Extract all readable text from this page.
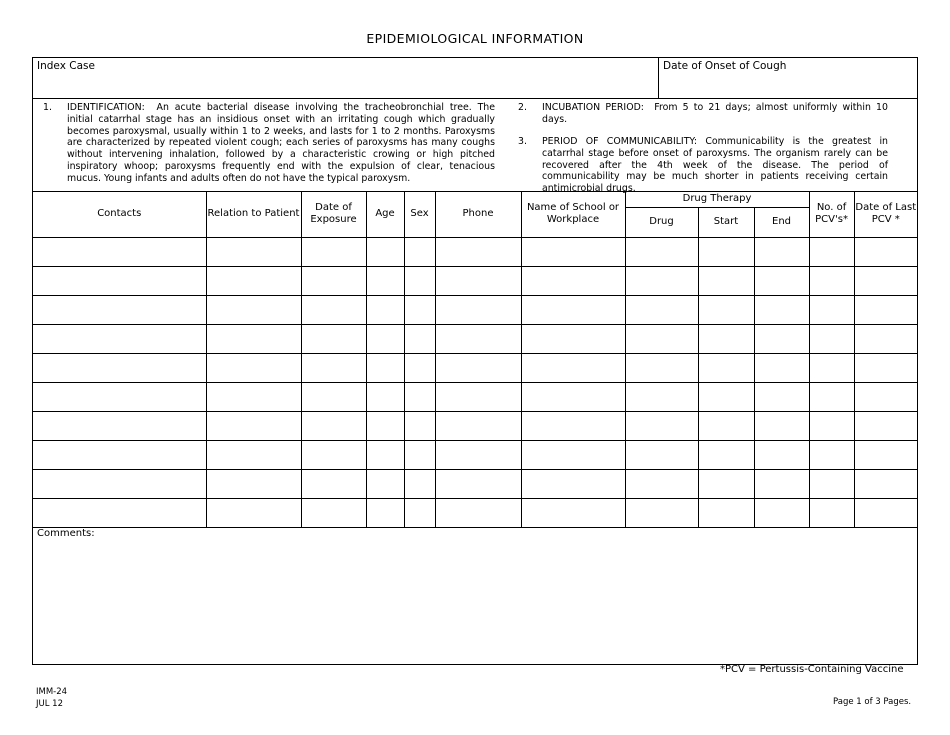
EPIDEMIOLOGICAL INFORMATION
Index Case	Date of Onset of Cough
1. IDENTIFICATION: An acute bacterial disease involving the tracheobronchial tree. The initial catarrhal stage has an insidious onset with an irritating cough which gradually becomes paroxysmal, usually within 1 to 2 weeks, and lasts for 1 to 2 months. Paroxysms are characterized by repeated violent cough; each series of paroxysms has many coughs without intervening inhalation, followed by a characteristic crowing or high pitched inspiratory whoop; paroxysms frequently end with the expulsion of clear, tenacious mucus. Young infants and adults often do not have the typical paroxysm.
2. INCUBATION PERIOD: From 5 to 21 days; almost uniformly within 10 days.
3. PERIOD OF COMMUNICABILITY: Communicability is the greatest in catarrhal stage before onset of paroxysms. The organism rarely can be recovered after the 4th week of the disease. The period of communicability may be much shorter in patients receiving certain antimicrobial drugs.
Contacts	Relation to Patient	Date of Exposure	Age	Sex	Phone	Name of School or Workplace	Drug Therapy			No. of PCV's*	Date of Last PCV *
							Drug	Start	End		

Comments:
*PCV = Pertussis-Containing Vaccine
IMM-24
JUL 12	Page 1 of 3 Pages.
